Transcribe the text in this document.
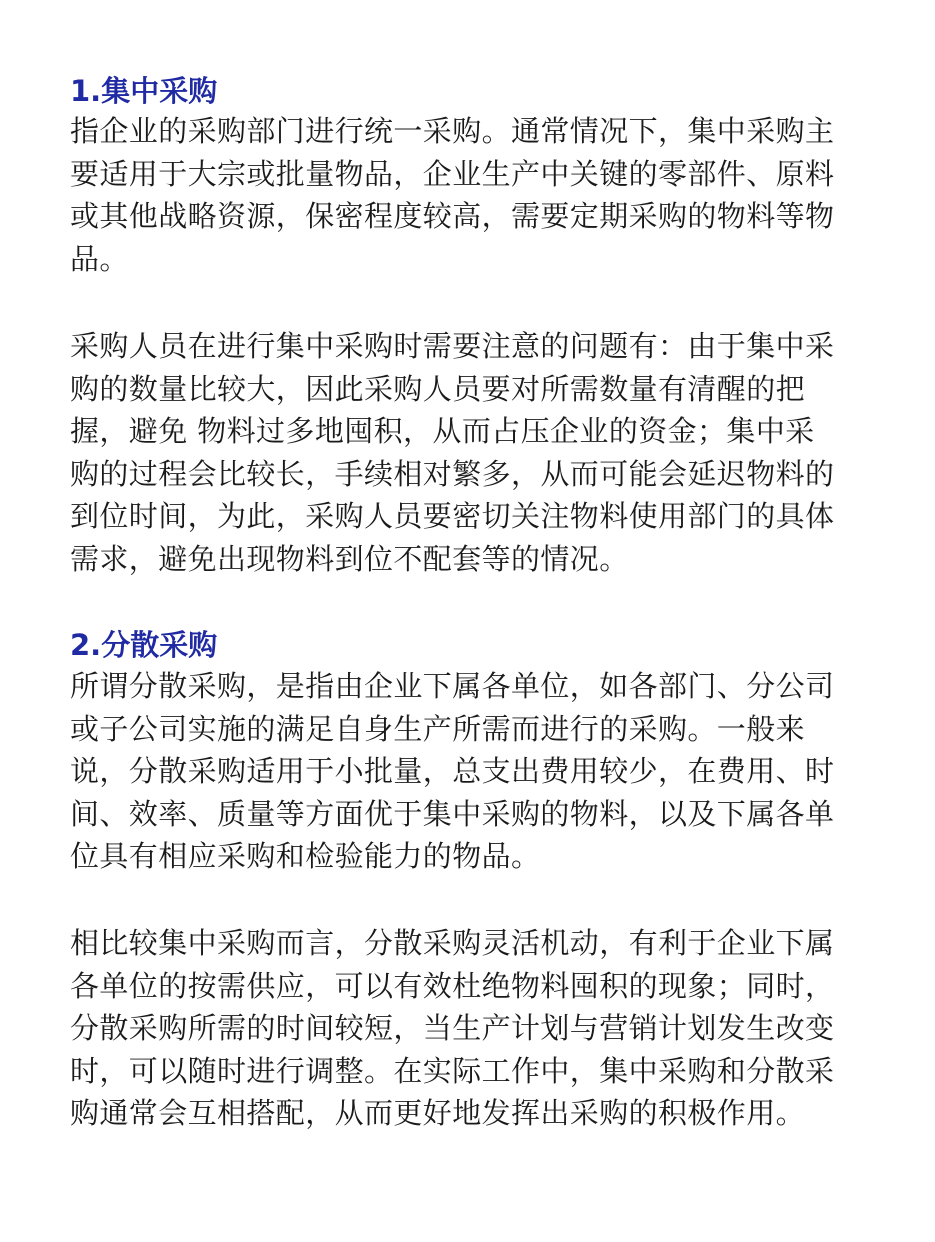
1.集中采购
指企业的采购部门进行统一采购。通常情况下，集中采购主
要适用于大宗或批量物品，企业生产中关键的零部件、原料
或其他战略资源，保密程度较高，需要定期采购的物料等物
品。
采购人员在进行集中采购时需要注意的问题有：由于集中采
购的数量比较大，因此采购人员要对所需数量有清醒的把
握，避免 物料过多地囤积，从而占压企业的资金；集中采
购的过程会比较长，手续相对繁多，从而可能会延迟物料的
到位时间，为此，采购人员要密切关注物料使用部门的具体
需求，避免出现物料到位不配套等的情况。
2.分散采购
所谓分散采购，是指由企业下属各单位，如各部门、分公司
或子公司实施的满足自身生产所需而进行的采购。一般来
说，分散采购适用于小批量，总支出费用较少，在费用、时
间、效率、质量等方面优于集中采购的物料，以及下属各单
位具有相应采购和检验能力的物品。
相比较集中采购而言，分散采购灵活机动，有利于企业下属
各单位的按需供应，可以有效杜绝物料囤积的现象；同时，
分散采购所需的时间较短，当生产计划与营销计划发生改变
时，可以随时进行调整。在实际工作中，集中采购和分散采
购通常会互相搭配，从而更好地发挥出采购的积极作用。
